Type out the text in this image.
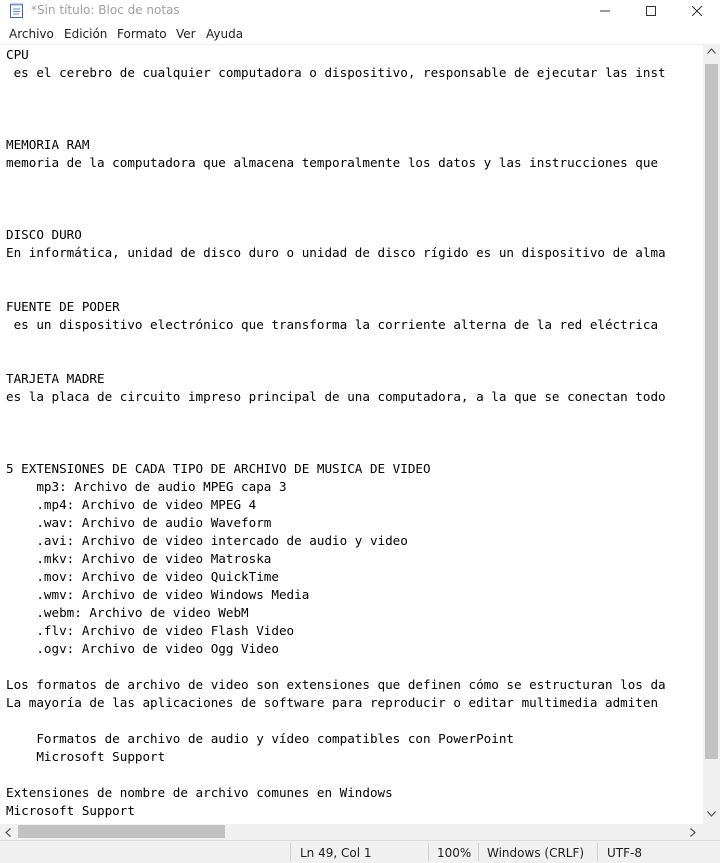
*Sin título: Bloc de notas
Archivo Edición Formato Ver Ayuda
CPU
es el cerebro de cualquier computadora o dispositivo, responsable de ejecutar las inst
MEMORIA RAM
memoria de la computadora que almacena temporalmente los datos y las instrucciones que
DISCO DURO
En informática, unidad de disco duro o unidad de disco rígido es un dispositivo de alma
FUENTE DE PODER
es un dispositivo electrónico que transforma la corriente alterna de la red eléctrica
TARJETA MADRE
es la placa de circuito impreso principal de una computadora, a la que se conectan todo
5 EXTENSIONES DE CADA TIPO DE ARCHIVO DE MUSICA DE VIDEO
mp3: Archivo de audio MPEG capa 3
.mp4: Archivo de video MPEG 4
.wav: Archivo de audio Waveform
.avi: Archivo de video intercado de audio y video
.mkv: Archivo de video Matroska
.mov: Archivo de video QuickTime
.wmv: Archivo de video Windows Media
.webm: Archivo de video WebM
.flv: Archivo de video Flash Video
.ogv: Archivo de video Ogg Video
Los formatos de archivo de video son extensiones que definen cómo se estructuran los da
La mayoría de las aplicaciones de software para reproducir o editar multimedia admiten
Formatos de archivo de audio y vídeo compatibles con PowerPoint
Microsoft Support
Extensiones de nombre de archivo comunes en Windows
Microsoft Support
Ln 49, Col 1	100% Windows (CRLF) UTF-8
